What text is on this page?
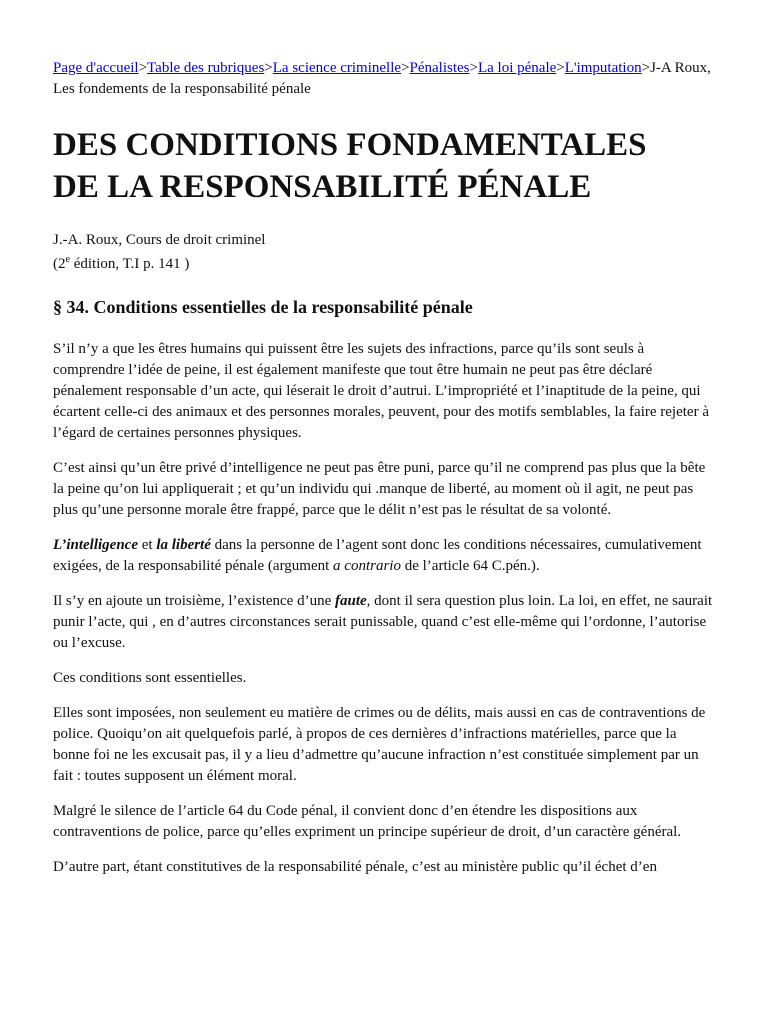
Page d'accueil>Table des rubriques>La science criminelle>Pénalistes>La loi pénale>L'imputation>J-A Roux, Les fondements de la responsabilité pénale

DES CONDITIONS FONDAMENTALES
DE LA RESPONSABILITÉ PÉNALE
J.-A. Roux, Cours de droit criminel
(2e édition, T.I p. 141 )
§ 34. Conditions essentielles de la responsabilité pénale

S’il n’y a que les êtres humains qui puissent être les sujets des infractions, parce qu’ils sont seuls à comprendre l’idée de peine, il est également manifeste que tout être humain ne peut pas être déclaré pénalement responsable d’un acte, qui léserait le droit d’autrui. L’impropriété et l’inaptitude de la peine, qui écartent celle-ci des animaux et des personnes morales, peuvent, pour des motifs semblables, la faire rejeter à l’égard de certaines personnes physiques.

C’est ainsi qu’un être privé d’intelligence ne peut pas être puni, parce qu’il ne comprend pas plus que la bête la peine qu’on lui appliquerait ; et qu’un individu qui .manque de liberté, au moment où il agit, ne peut pas plus qu’une personne morale être frappé, parce que le délit n’est pas le résultat de sa volonté.

L’intelligence et la liberté dans la personne de l’agent sont donc les conditions nécessaires, cumulativement exigées, de la responsabilité pénale (argument a contrario de l’article 64 C.pén.).

Il s’y en ajoute un troisième, l’existence d’une faute, dont il sera question plus loin. La loi, en effet, ne saurait punir l’acte, qui , en d’autres circonstances serait punissable, quand c’est elle-même qui l’ordonne, l’autorise ou l’excuse.

Ces conditions sont essentielles.

Elles sont imposées, non seulement eu matière de crimes ou de délits, mais aussi en cas de contraventions de police. Quoiqu’on ait quelquefois parlé, à propos de ces dernières d’infractions matérielles, parce que la bonne foi ne les excusait pas, il y a lieu d’admettre qu’aucune infraction n’est constituée simplement par un fait : toutes supposent un élément moral.

Malgré le silence de l’article 64 du Code pénal, il convient donc d’en étendre les dispositions aux contraventions de police, parce qu’elles expriment un principe supérieur de droit, d’un caractère général.

D’autre part, étant constitutives de la responsabilité pénale, c’est au ministère public qu’il échet d’en
